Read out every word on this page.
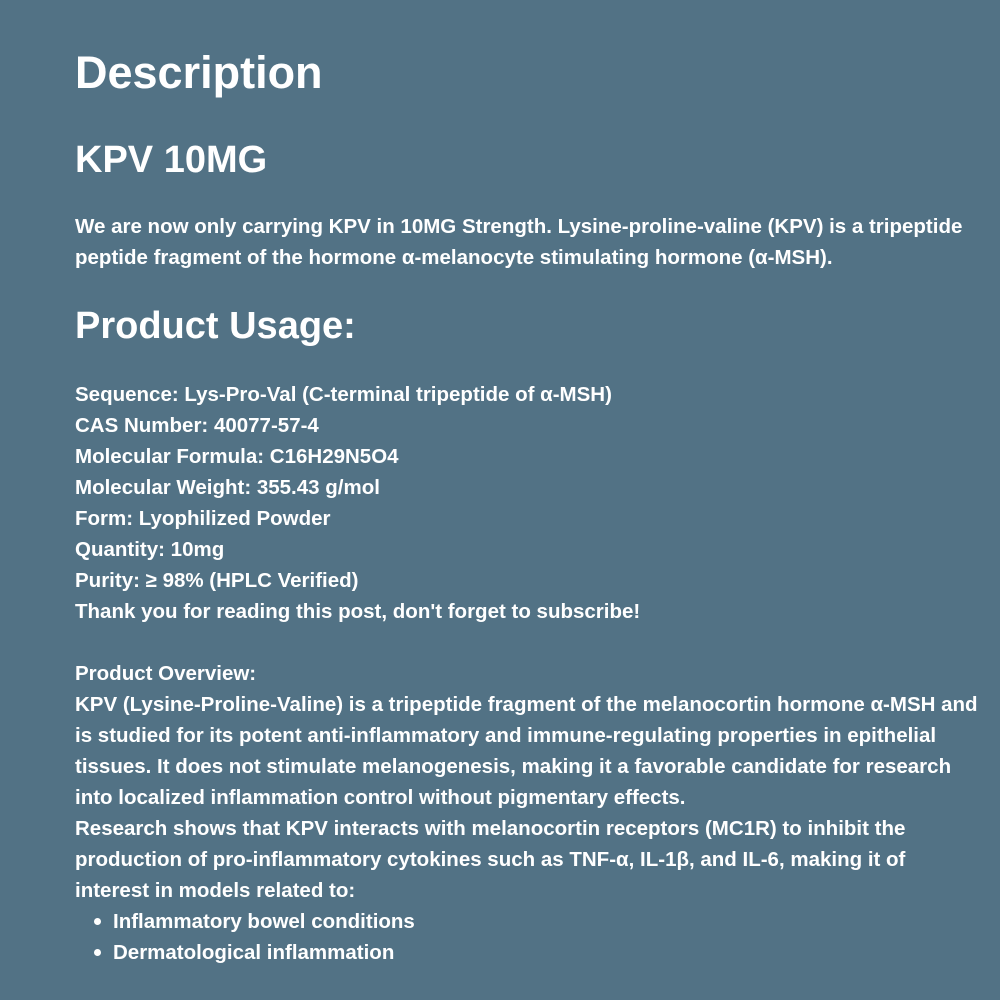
Description
KPV 10MG

We are now only carrying KPV in 10MG Strength. Lysine-proline-valine (KPV) is a tripeptide peptide fragment of the hormone α-melanocyte stimulating hormone (α-MSH).

Product Usage:
Sequence: Lys-Pro-Val (C-terminal tripeptide of α-MSH)
CAS Number: 40077-57-4
Molecular Formula: C16H29N5O4
Molecular Weight: 355.43 g/mol
Form: Lyophilized Powder
Quantity: 10mg
Purity: ≥ 98% (HPLC Verified)

Thank you for reading this post, don't forget to subscribe!

Product Overview:

KPV (Lysine-Proline-Valine) is a tripeptide fragment of the melanocortin hormone α-MSH and is studied for its potent anti-inflammatory and immune-regulating properties in epithelial tissues. It does not stimulate melanogenesis, making it a favorable candidate for research into localized inflammation control without pigmentary effects.

Research shows that KPV interacts with melanocortin receptors (MC1R) to inhibit the production of pro-inflammatory cytokines such as TNF-α, IL-1β, and IL-6, making it of interest in models related to:

Inflammatory bowel conditions
Dermatological inflammation
